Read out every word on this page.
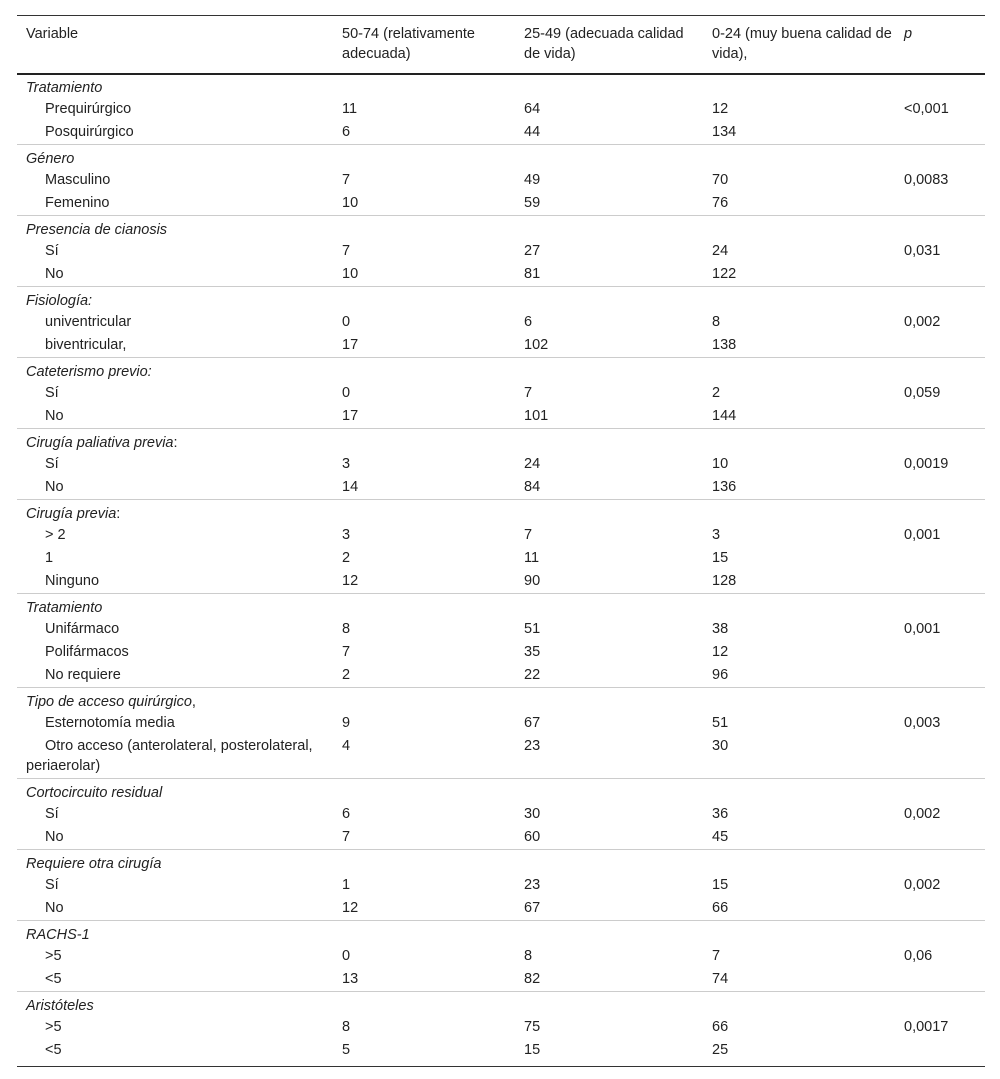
Variable	50-74 (relativamente adecuada)	25-49 (adecuada calidad de vida)	0-24 (muy buena calidad de vida),	p
Tratamiento				
Prequirúrgico	11	64	12	<0,001
Posquirúrgico	6	44	134	
Género				
Masculino	7	49	70	0,0083
Femenino	10	59	76	
Presencia de cianosis				
Sí	7	27	24	0,031
No	10	81	122	
Fisiología:				
univentricular	0	6	8	0,002
biventricular,	17	102	138	
Cateterismo previo:				
Sí	0	7	2	0,059
No	17	101	144	
Cirugía paliativa previa:				
Sí	3	24	10	0,0019
No	14	84	136	
Cirugía previa:				
> 2	3	7	3	0,001
1	2	11	15	
Ninguno	12	90	128	
Tratamiento				
Unifármaco	8	51	38	0,001
Polifármacos	7	35	12	
No requiere	2	22	96	
Tipo de acceso quirúrgico,				
Esternotomía media	9	67	51	0,003
Otro acceso (anterolateral, posterolateral, periaerolar)	4	23	30	
Cortocircuito residual				
Sí	6	30	36	0,002
No	7	60	45	
Requiere otra cirugía				
Sí	1	23	15	0,002
No	12	67	66	
RACHS-1				
>5	0	8	7	0,06
<5	13	82	74	
Aristóteles				
>5	8	75	66	0,0017
<5	5	15	25	
